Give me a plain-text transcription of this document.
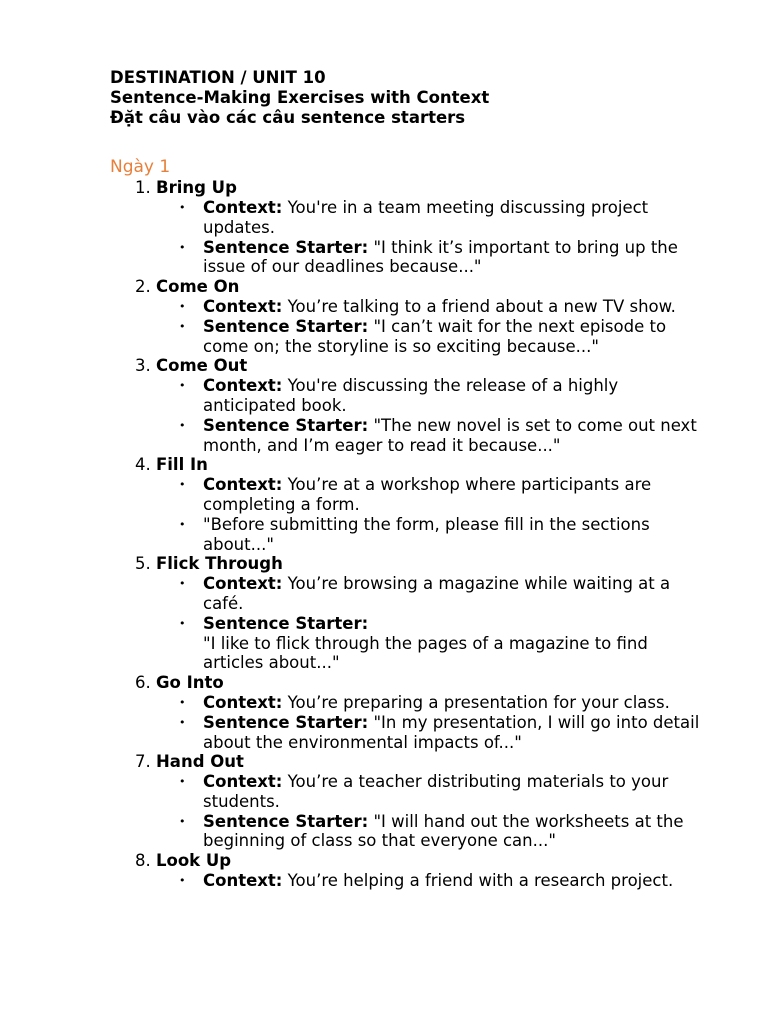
DESTINATION / UNIT 10

Sentence-Making Exercises with Context

Đặt câu vào các câu sentence starters

Ngày 1
1. Bring Up
• Context: You're in a team meeting discussing project updates.
• Sentence Starter: "I think it’s important to bring up the issue of our deadlines because..."
2. Come On
• Context: You’re talking to a friend about a new TV show.
• Sentence Starter: "I can’t wait for the next episode to come on; the storyline is so exciting because..."
3. Come Out
• Context: You're discussing the release of a highly anticipated book.
• Sentence Starter: "The new novel is set to come out next month, and I’m eager to read it because..."
4. Fill In
• Context: You’re at a workshop where participants are completing a form.
• "Before submitting the form, please fill in the sections about..."
5. Flick Through
• Context: You’re browsing a magazine while waiting at a café.
• Sentence Starter:
"I like to flick through the pages of a magazine to find articles about..."
6. Go Into
• Context: You’re preparing a presentation for your class.
• Sentence Starter: "In my presentation, I will go into detail about the environmental impacts of..."
7. Hand Out
• Context: You’re a teacher distributing materials to your students.
• Sentence Starter: "I will hand out the worksheets at the beginning of class so that everyone can..."
8. Look Up
• Context: You’re helping a friend with a research project.
